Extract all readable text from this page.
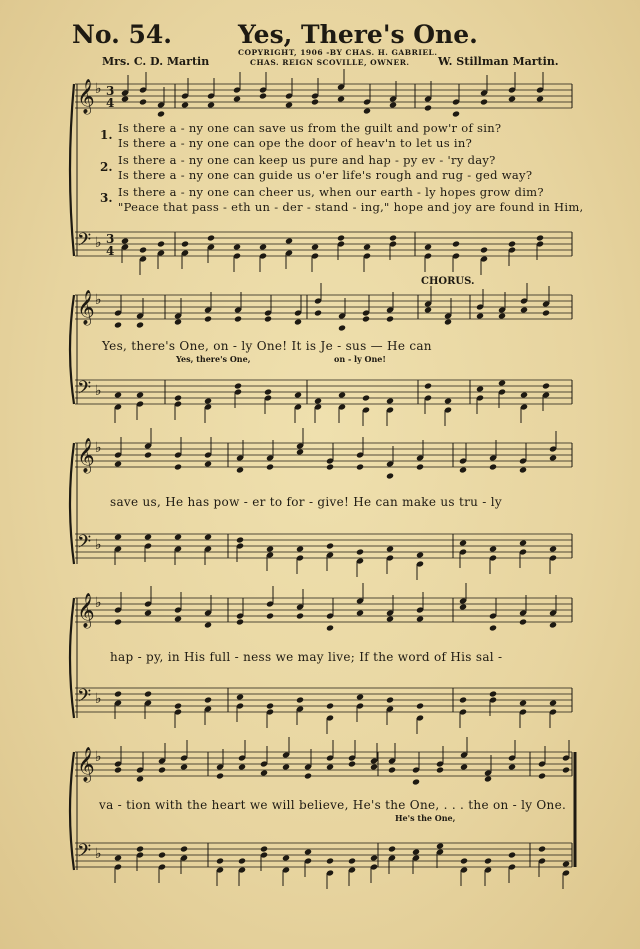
No. 54.	Yes, There's One.
Mrs. C. D. Martin
COPYRIGHT, 1906 -BY CHAS. H. GABRIEL.
CHAS. REIGN SCOVILLE, OWNER.	W. Stillman Martin.
𝄞 ♭ 3
4
𝄢 ♭ 3
4
𝄞 ♭
𝄢 ♭
𝄞 ♭
𝄢 ♭
𝄞 ♭
𝄢 ♭
𝄞 ♭
𝄢 ♭
1. Is there a - ny one can save us from the guilt and pow'r of sin?
Is there a - ny one can ope the door of heav'n to let us in?
2. Is there a - ny one can keep us pure and hap - py ev - 'ry day?
Is there a - ny one can guide us o'er life's rough and rug - ged way?
3. Is there a - ny one can cheer us, when our earth - ly hopes grow dim?
"Peace that pass - eth un - der - stand - ing," hope and joy are found in Him,
CHORUS.
Yes, there's One, on - ly One! It is Je - sus — He can
Yes, there's One,	on - ly One!
save us, He has pow - er to for - give! He can make us tru - ly
hap - py, in His full - ness we may live; If the word of His sal -
va - tion with the heart we will believe, He's the One, . . . the on - ly One.
He's the One,
